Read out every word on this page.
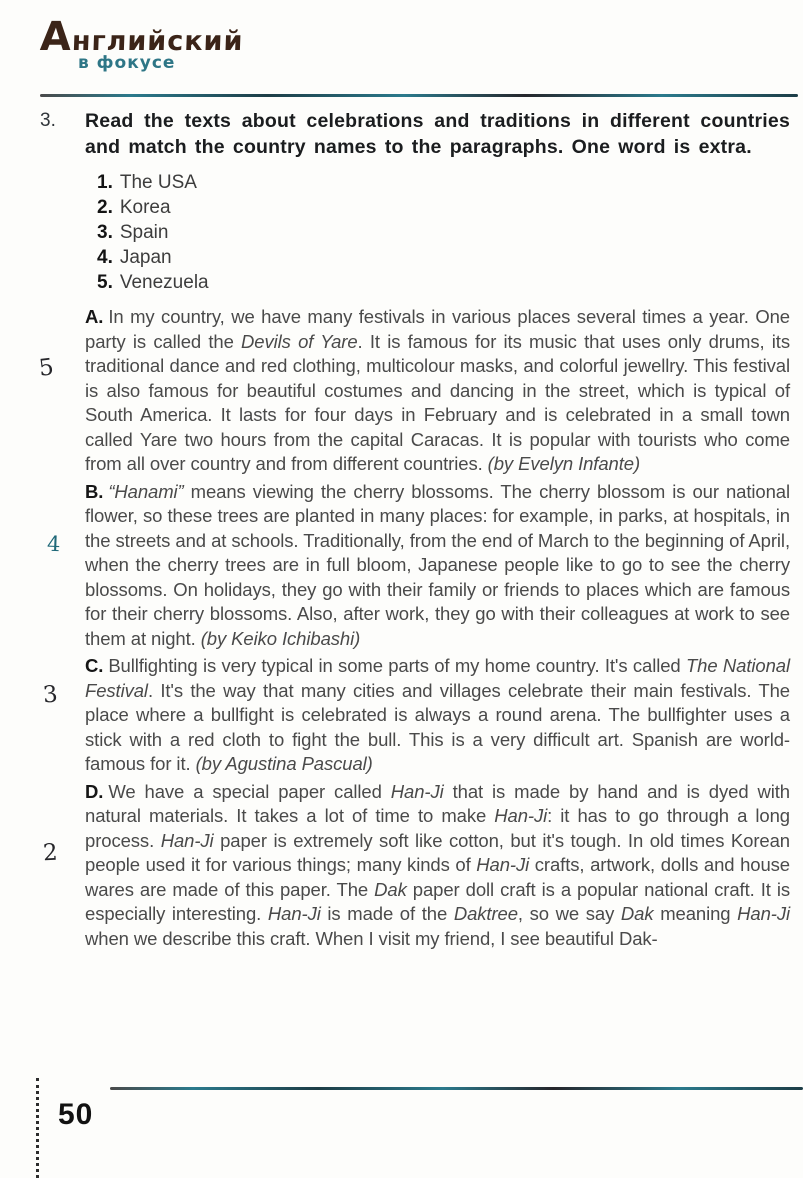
Английский
в фокусе
3.	Read the texts about celebrations and traditions in different countries and match the country names to the paragraphs. One word is extra.

1. The USA
2. Korea
3. Spain
4. Japan
5. Venezuela

5
A. In my country, we have many festivals in various places several times a year. One party is called the Devils of Yare. It is famous for its music that uses only drums, its traditional dance and red clothing, multicolour masks, and colorful jewellry. This festival is also famous for beautiful costumes and dancing in the street, which is typical of South America. It lasts for four days in February and is celebrated in a small town called Yare two hours from the capital Caracas. It is popular with tourists who come from all over country and from different countries. (by Evelyn Infante)

4
B. “Hanami” means viewing the cherry blossoms. The cherry blossom is our national flower, so these trees are planted in many places: for example, in parks, at hospitals, in the streets and at schools. Traditionally, from the end of March to the beginning of April, when the cherry trees are in full bloom, Japanese people like to go to see the cherry blossoms. On holidays, they go with their family or friends to places which are famous for their cherry blossoms. Also, after work, they go with their colleagues at work to see them at night. (by Keiko Ichibashi)

3
C. Bullfighting is very typical in some parts of my home country. It's called The National Festival. It's the way that many cities and villages celebrate their main festivals. The place where a bullfight is celebrated is always a round arena. The bullfighter uses a stick with a red cloth to fight the bull. This is a very difficult art. Spanish are world-famous for it. (by Agustina Pascual)

2
D. We have a special paper called Han-Ji that is made by hand and is dyed with natural materials. It takes a lot of time to make Han-Ji: it has to go through a long process. Han-Ji paper is extremely soft like cotton, but it's tough. In old times Korean people used it for various things; many kinds of Han-Ji crafts, artwork, dolls and house wares are made of this paper. The Dak paper doll craft is a popular national craft. It is especially interesting. Han-Ji is made of the Daktree, so we say Dak meaning Han-Ji when we describe this craft. When I visit my friend, I see beautiful Dak-

50
